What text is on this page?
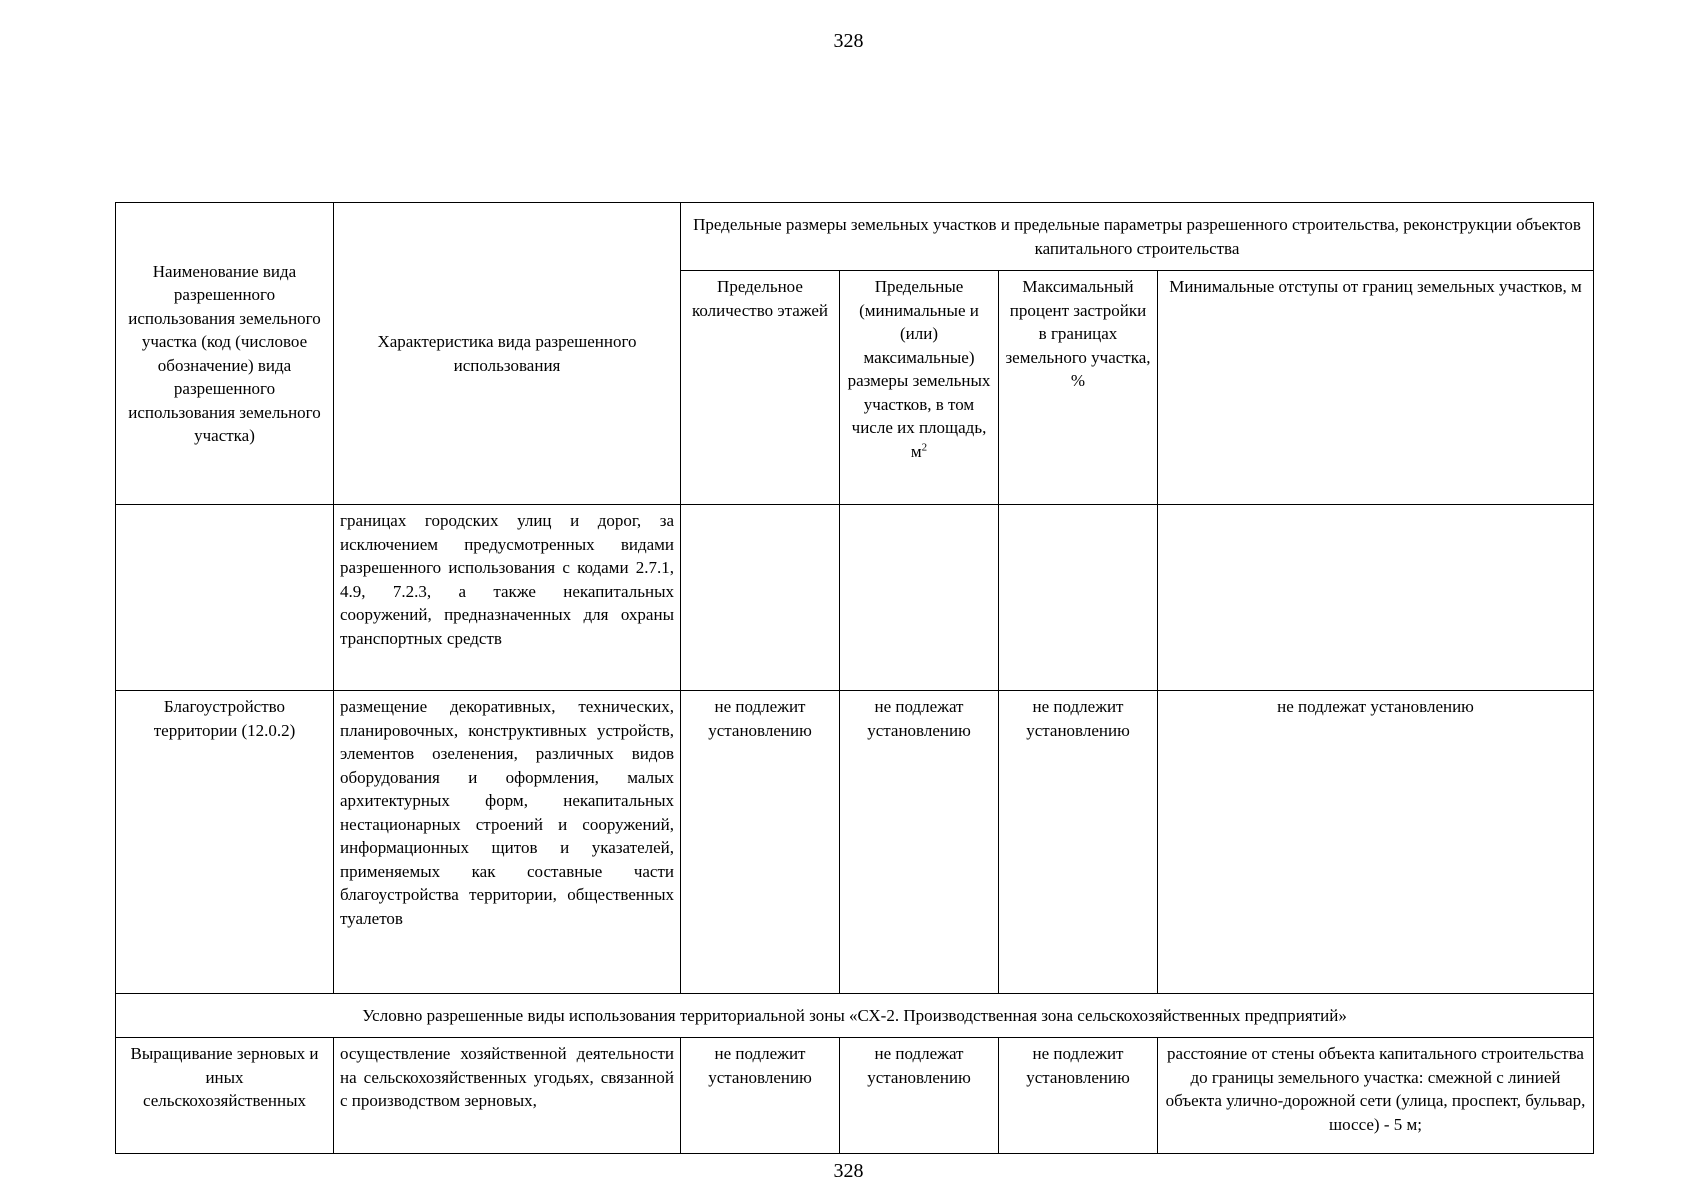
328
Наименование вида разрешенного использования земельного участка (код (числовое обозначение) вида разрешенного использования земельного участка)	Характеристика вида разрешенного использования	Предельные размеры земельных участков и предельные параметры разрешенного строительства, реконструкции объектов капитального строительства			
		Предельное количество этажей	Предельные (минимальные и (или) максимальные) размеры земельных участков, в том числе их площадь, $м^2$	Максимальный процент застройки в границах земельного участка, %	Минимальные отступы от границ земельных участков, м
	границах городских улиц и дорог, за исключением предусмотренных видами разрешенного использования с кодами 2.7.1, 4.9, 7.2.3, а также некапитальных сооружений, предназначенных для охраны транспортных средств				
Благоустройство территории (12.0.2)	размещение декоративных, технических, планировочных, конструктивных устройств, элементов озеленения, различных видов оборудования и оформления, малых архитектурных форм, некапитальных нестационарных строений и сооружений, информационных щитов и указателей, применяемых как составные части благоустройства территории, общественных туалетов	не подлежит установлению	не подлежат установлению	не подлежит установлению	не подлежат установлению
Условно разрешенные виды использования территориальной зоны «СХ-2. Производственная зона сельскохозяйственных предприятий»					
Выращивание зерновых и иных сельскохозяйственных	осуществление хозяйственной деятельности на сельскохозяйственных угодьях, связанной с производством зерновых,	не подлежит установлению	не подлежат установлению	не подлежит установлению	расстояние от стены объекта капитального строительства до границы земельного участка: смежной с линией объекта улично-дорожной сети (улица, проспект, бульвар, шоссе) - 5 м;
328
